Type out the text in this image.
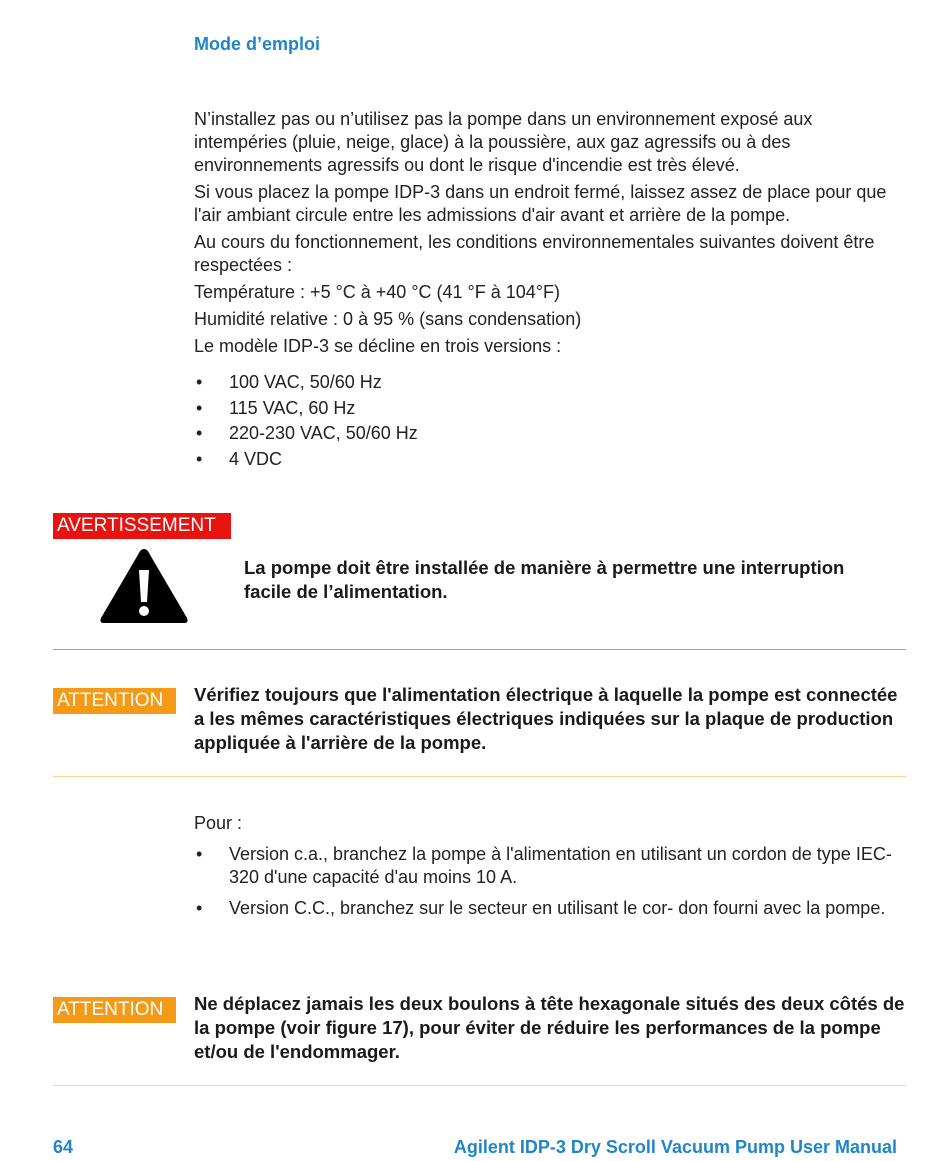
Mode d’emploi

N’installez pas ou n’utilisez pas la pompe dans un environnement exposé aux intempéries (pluie, neige, glace) à la poussière, aux gaz agressifs ou à des environnements agressifs ou dont le risque d'incendie est très élevé.

Si vous placez la pompe IDP-3 dans un endroit fermé, laissez assez de place pour que l'air ambiant circule entre les admissions d'air avant et arrière de la pompe.

Au cours du fonctionnement, les conditions environnementales suivantes doivent être respectées :

Température : +5 °C à +40 °C (41 °F à 104°F)

Humidité relative : 0 à 95 % (sans condensation)

Le modèle IDP-3 se décline en trois versions :

• 100 VAC, 50/60 Hz
• 115 VAC, 60 Hz
• 220-230 VAC, 50/60 Hz
• 4 VDC
AVERTISSEMENT
La pompe doit être installée de manière à permettre une interruption facile de l’alimentation.
ATTENTION	Vérifiez toujours que l'alimentation électrique à laquelle la pompe est connectée a les mêmes caractéristiques électriques indiquées sur la plaque de production appliquée à l'arrière de la pompe.

Pour :

• Version c.a., branchez la pompe à l'alimentation en utilisant un cordon de type IEC-320 d'une capacité d'au moins 10 A.
• Version C.C., branchez sur le secteur en utilisant le cor- don fourni avec la pompe.
ATTENTION	Ne déplacez jamais les deux boulons à tête hexagonale situés des deux côtés de la pompe (voir figure 17), pour éviter de réduire les performances de la pompe et/ou de l'endommager.
64	Agilent IDP-3 Dry Scroll Vacuum Pump User Manual
